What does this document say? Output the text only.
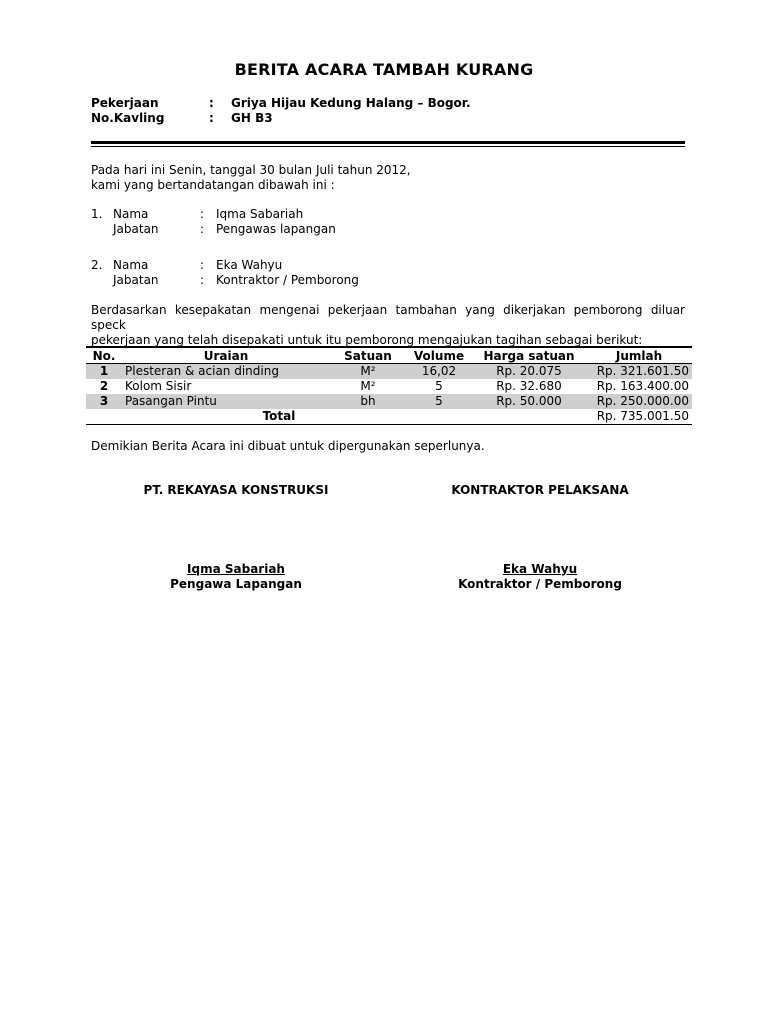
BERITA ACARA TAMBAH KURANG
Pekerjaan	: Griya Hijau Kedung Halang – Bogor.
No.Kavling	: GH B3
Pada hari ini Senin, tanggal 30 bulan Juli tahun 2012,
kami yang bertandatangan dibawah ini :
1. Nama	: Iqma Sabariah
Jabatan	: Pengawas lapangan
2. Nama	: Eka Wahyu
Jabatan	: Kontraktor / Pemborong
Berdasarkan kesepakatan mengenai pekerjaan tambahan yang dikerjakan pemborong diluar speck
pekerjaan yang telah disepakati untuk itu pemborong mengajukan tagihan sebagai berikut:
No.	Uraian	Satuan	Volume	Harga satuan	Jumlah
1	Plesteran & acian dinding	M²	16,02	Rp. 20.075	Rp. 321.601.50
2	Kolom Sisir	M²	5	Rp. 32.680	Rp. 163.400.00
3	Pasangan Pintu	bh	5	Rp. 50.000	Rp. 250.000.00
Total					Rp. 735.001.50
Demikian Berita Acara ini dibuat untuk dipergunakan seperlunya.
PT. REKAYASA KONSTRUKSI	KONTRAKTOR PELAKSANA
Iqma Sabariah
Pengawa Lapangan
Eka Wahyu
Kontraktor / Pemborong
